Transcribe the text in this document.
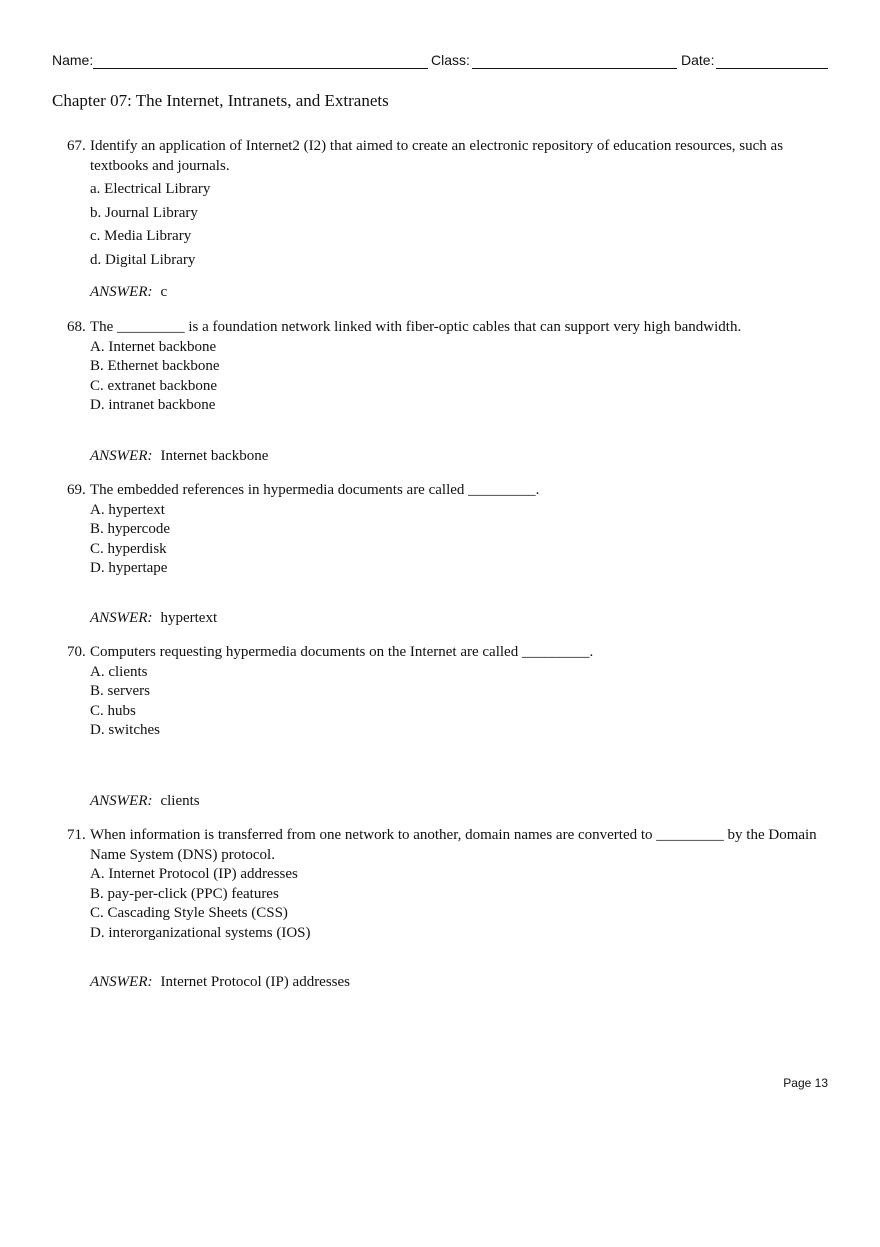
Name:	Class:	Date:
Chapter 07: The Internet, Intranets, and Extranets
67. Identify an application of Internet2 (I2) that aimed to create an electronic repository of education resources, such as textbooks and journals.
a. Electrical Library
b. Journal Library
c. Media Library
d. Digital Library
ANSWER: c
68. The _________ is a foundation network linked with fiber-optic cables that can support very high bandwidth.
A. Internet backbone
B. Ethernet backbone
C. extranet backbone
D. intranet backbone
ANSWER: Internet backbone
69. The embedded references in hypermedia documents are called _________.
A. hypertext
B. hypercode
C. hyperdisk
D. hypertape
ANSWER: hypertext
70. Computers requesting hypermedia documents on the Internet are called _________.
A. clients
B. servers
C. hubs
D. switches
ANSWER: clients
71. When information is transferred from one network to another, domain names are converted to _________ by the Domain Name System (DNS) protocol.
A. Internet Protocol (IP) addresses
B. pay-per-click (PPC) features
C. Cascading Style Sheets (CSS)
D. interorganizational systems (IOS)
ANSWER: Internet Protocol (IP) addresses
Page 13
